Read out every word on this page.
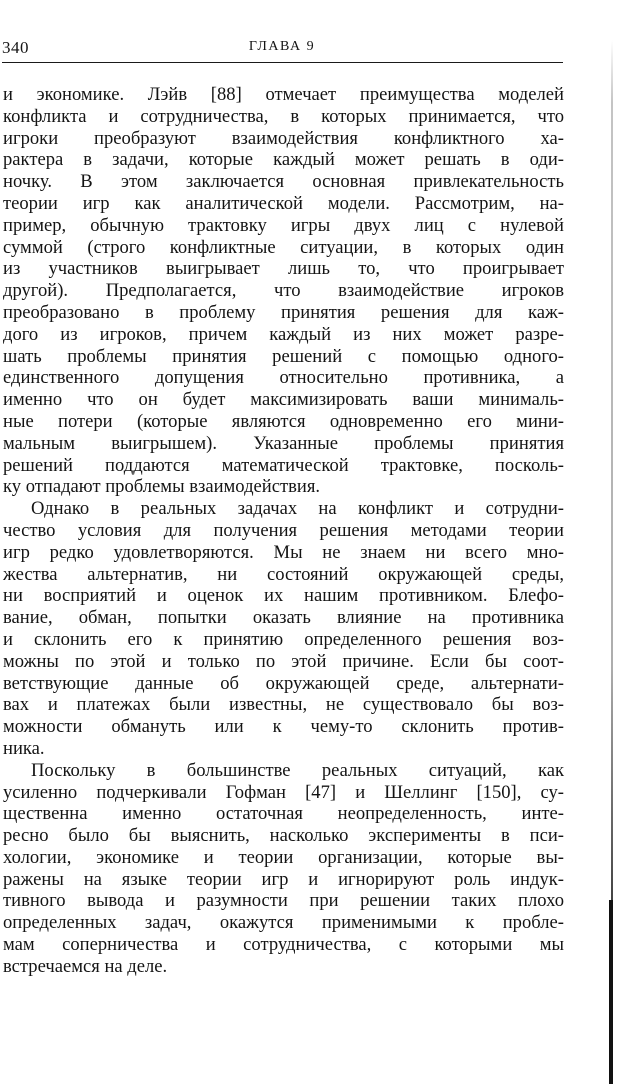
340	ГЛАВА 9
и экономике. Лэйв [88] отмечает преимущества моделей
конфликта и сотрудничества, в которых принимается, что
игроки преобразуют взаимодействия конфликтного ха-
рактера в задачи, которые каждый может решать в оди-
ночку. В этом заключается основная привлекательность
теории игр как аналитической модели. Рассмотрим, на-
пример, обычную трактовку игры двух лиц с нулевой
суммой (строго конфликтные ситуации, в которых один
из участников выигрывает лишь то, что проигрывает
другой). Предполагается, что взаимодействие игроков
преобразовано в проблему принятия решения для каж-
дого из игроков, причем каждый из них может разре-
шать проблемы принятия решений с помощью одного-
единственного допущения относительно противника, а
именно что он будет максимизировать ваши минималь-
ные потери (которые являются одновременно его мини-
мальным выигрышем). Указанные проблемы принятия
решений поддаются математической трактовке, посколь-
ку отпадают проблемы взаимодействия.
Однако в реальных задачах на конфликт и сотрудни-
чество условия для получения решения методами теории
игр редко удовлетворяются. Мы не знаем ни всего мно-
жества альтернатив, ни состояний окружающей среды,
ни восприятий и оценок их нашим противником. Блефо-
вание, обман, попытки оказать влияние на противника
и склонить его к принятию определенного решения воз-
можны по этой и только по этой причине. Если бы соот-
ветствующие данные об окружающей среде, альтернати-
вах и платежах были известны, не существовало бы воз-
можности обмануть или к чему-то склонить против-
ника.
Поскольку в большинстве реальных ситуаций, как
усиленно подчеркивали Гофман [47] и Шеллинг [150], су-
щественна именно остаточная неопределенность, инте-
ресно было бы выяснить, насколько эксперименты в пси-
хологии, экономике и теории организации, которые вы-
ражены на языке теории игр и игнорируют роль индук-
тивного вывода и разумности при решении таких плохо
определенных задач, окажутся применимыми к пробле-
мам соперничества и сотрудничества, с которыми мы
встречаемся на деле.
